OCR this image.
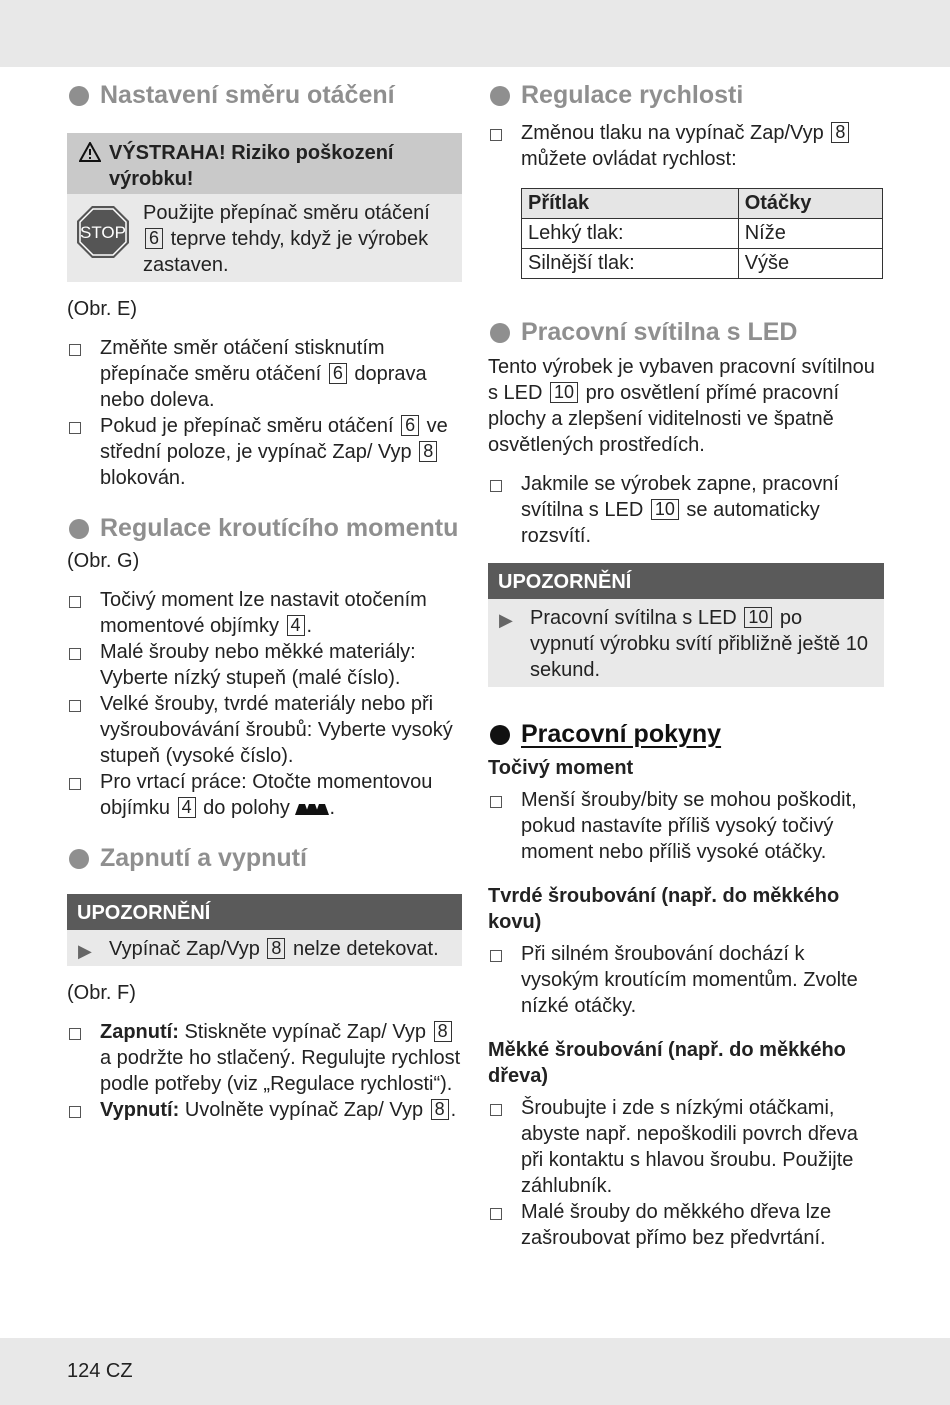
Nastavení směru otáčení
VÝSTRAHA! Riziko poškození výrobku!
STOP
Použijte přepínač směru otáčení 6 teprve tehdy, když je výrobek zastaven.

(Obr. E)

Změňte směr otáčení stisknutím přepínače směru otáčení 6 doprava nebo doleva.
Pokud je přepínač směru otáčení 6 ve střední poloze, je vypínač Zap/ Vyp 8 blokován.
Regulace kroutícího momentu

(Obr. G)

Točivý moment lze nastavit otočením momentové objímky 4 .
Malé šrouby nebo měkké materiály: Vyberte nízký stupeň (malé číslo).
Velké šrouby, tvrdé materiály nebo při vyšroubovávání šroubů: Vyberte vysoký stupeň (vysoké číslo).
Pro vrtací práce: Otočte momentovou objímku 4 do polohy .
Zapnutí a vypnutí
UPOZORNĚNÍ
▶ Vypínač Zap/Vyp 8 nelze detekovat.

(Obr. F)

Zapnutí: Stiskněte vypínač Zap/ Vyp 8 a podržte ho stlačený. Regulujte rychlost podle potřeby (viz „Regulace rychlosti“).
Vypnutí: Uvolněte vypínač Zap/ Vyp 8 .
Regulace rychlosti
Změnou tlaku na vypínač Zap/Vyp 8 můžete ovládat rychlost:
Přítlak	Otáčky
Lehký tlak:	Níže
Silnější tlak:	Výše
Pracovní svítilna s LED

Tento výrobek je vybaven pracovní svítilnou s LED 10 pro osvětlení přímé pracovní plochy a zlepšení viditelnosti ve špatně osvětlených prostředích.

Jakmile se výrobek zapne, pracovní svítilna s LED 10 se automaticky rozsvítí.
UPOZORNĚNÍ
▶ Pracovní svítilna s LED 10 po vypnutí výrobku svítí přibližně ještě 10 sekund.
Pracovní pokyny
Točivý moment
Menší šrouby/bity se mohou poškodit, pokud nastavíte příliš vysoký točivý moment nebo příliš vysoké otáčky.
Tvrdé šroubování (např. do měkkého kovu)
Při silném šroubování dochází k vysokým kroutícím momentům. Zvolte nízké otáčky.
Měkké šroubování (např. do měkkého dřeva)
Šroubujte i zde s nízkými otáčkami, abyste např. nepoškodili povrch dřeva při kontaktu s hlavou šroubu. Použijte záhlubník.
Malé šrouby do měkkého dřeva lze zašroubovat přímo bez předvrtání.
124 CZ
